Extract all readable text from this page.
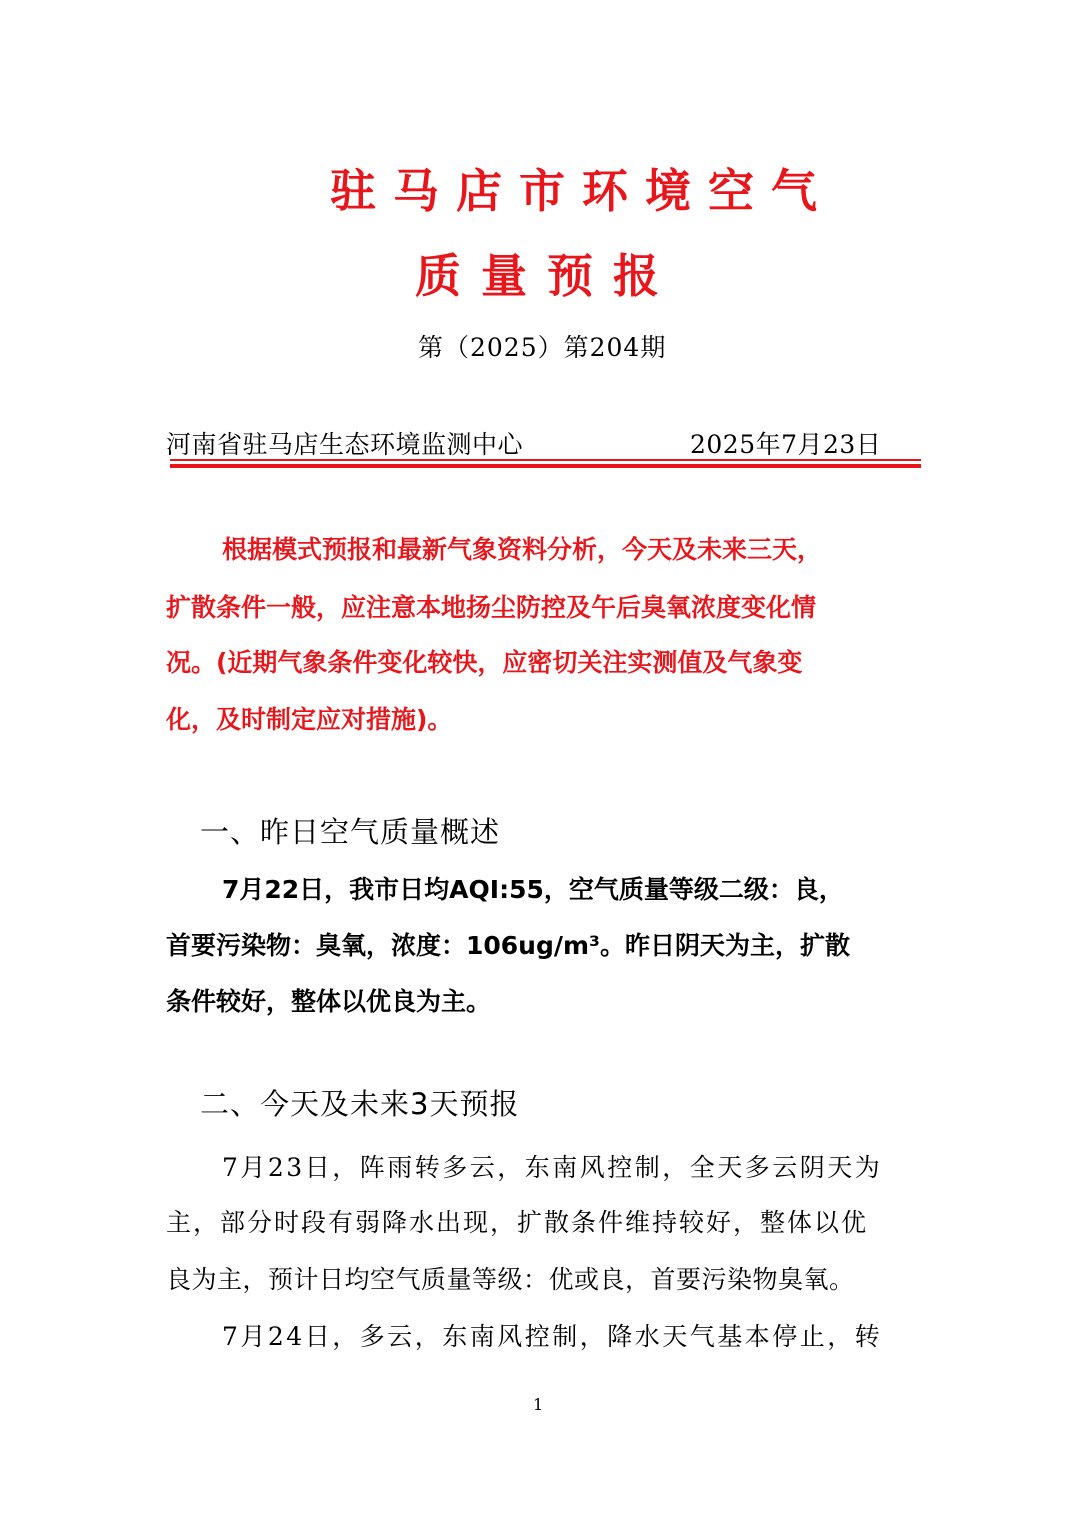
驻马店市环境空气
质量预报
第（2025）第204期
河南省驻马店生态环境监测中心	2025年7月23日
根据模式预报和最新气象资料分析，今天及未来三天，
扩散条件一般，应注意本地扬尘防控及午后臭氧浓度变化情
况。(近期气象条件变化较快，应密切关注实测值及气象变
化，及时制定应对措施)。
一、昨日空气质量概述
7月22日，我市日均AQI:55，空气质量等级二级：良，
首要污染物：臭氧，浓度：106ug/m³。昨日阴天为主，扩散
条件较好，整体以优良为主。
二、今天及未来3天预报
7月23日，阵雨转多云，东南风控制，全天多云阴天为
主，部分时段有弱降水出现，扩散条件维持较好，整体以优
良为主，预计日均空气质量等级：优或良，首要污染物臭氧。
7月24日，多云，东南风控制，降水天气基本停止，转
1
